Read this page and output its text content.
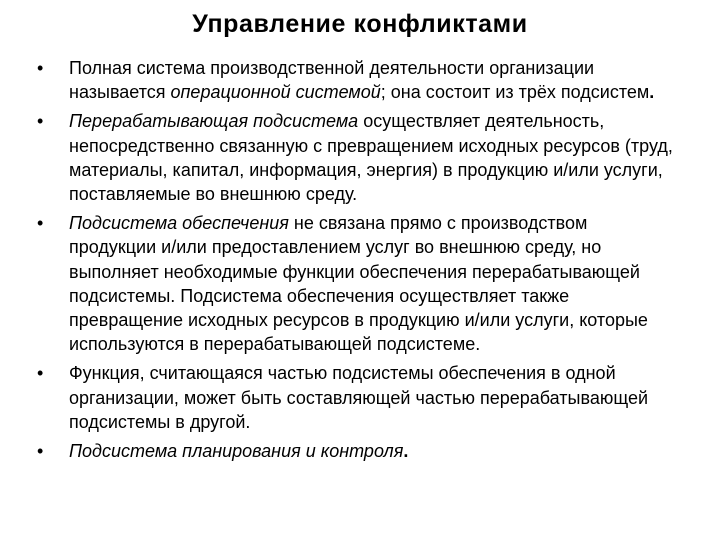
Управление конфликтами
•	Полная система производственной деятельности организации называется операционной системой; она состоит из трёх подсистем.
•	Перерабатывающая подсистема осуществляет деятельность, непосредственно связанную с превращением исходных ресурсов (труд, материалы, капитал, информация, энергия) в продукцию и/или услуги, поставляемые во внешнюю среду.
•	Подсистема обеспечения не связана прямо с производством продукции и/или предоставлением услуг во внешнюю среду, но выполняет необходимые функции обеспечения перерабатывающей подсистемы. Подсистема обеспечения осуществляет также превращение исходных ресурсов в продукцию и/или услуги, которые используются в перерабатывающей подсистеме.
•	Функция, считающаяся частью подсистемы обеспечения в одной организации, может быть составляющей частью перерабатывающей подсистемы в другой.
•	Подсистема планирования и контроля.
